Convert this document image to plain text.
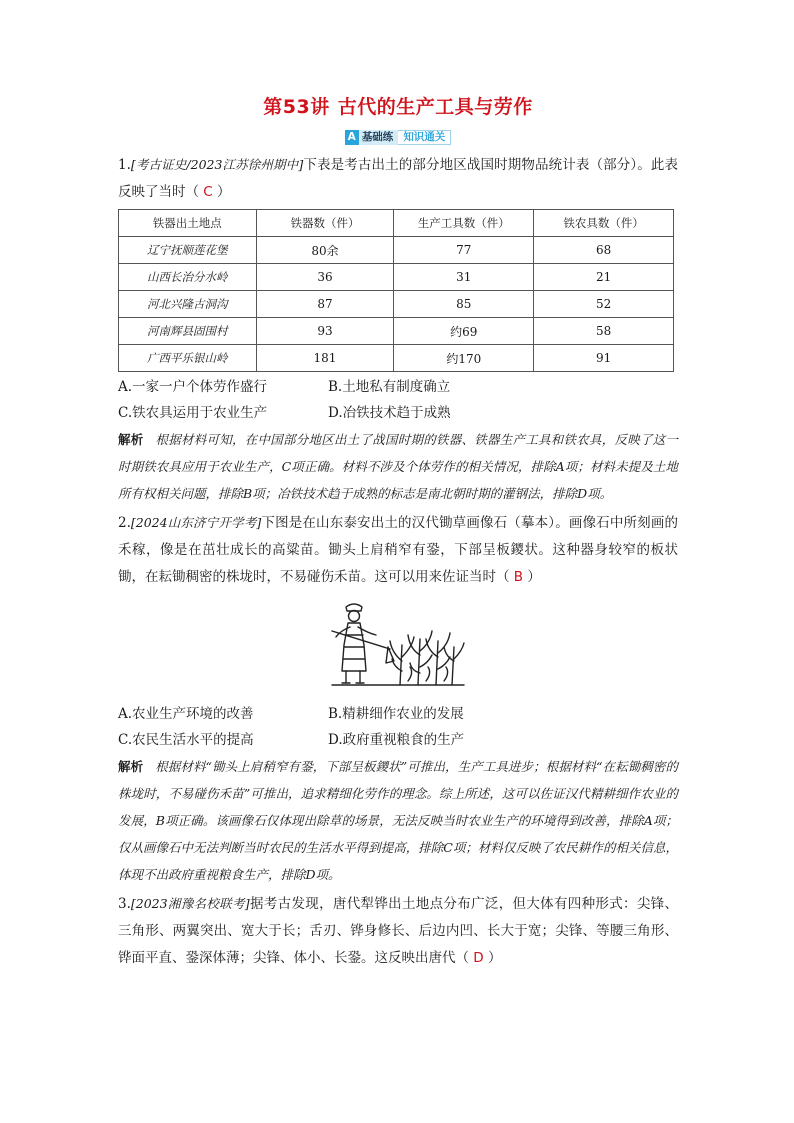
第53讲 古代的生产工具与劳作
A 基础练 知识通关

1.[考古证史/2023江苏徐州期中]下表是考古出土的部分地区战国时期物品统计表（部分）。此表反映了当时（ C ）

铁器出土地点	铁器数（件）	生产工具数（件）	铁农具数（件）
辽宁抚顺莲花堡	80余	77	68
山西长治分水岭	36	31	21
河北兴隆古洞沟	87	85	52
河南辉县固围村	93	约69	58
广西平乐银山岭	181	约170	91
A.一家一户个体劳作盛行	B.土地私有制度确立
C.铁农具运用于农业生产	D.冶铁技术趋于成熟

解析 根据材料可知，在中国部分地区出土了战国时期的铁器、铁器生产工具和铁农具，反映了这一时期铁农具应用于农业生产，C项正确。材料不涉及个体劳作的相关情况，排除A项；材料未提及土地所有权相关问题，排除B项；冶铁技术趋于成熟的标志是南北朝时期的灌钢法，排除D项。

2.[2024山东济宁开学考]下图是在山东泰安出土的汉代锄草画像石（摹本）。画像石中所刻画的禾稼，像是在茁壮成长的高粱苗。锄头上肩稍窄有銎，下部呈板鑁状。这种器身较窄的板状锄，在耘锄稠密的株垅时，不易碰伤禾苗。这可以用来佐证当时（ B ）

A.农业生产环境的改善	B.精耕细作农业的发展
C.农民生活水平的提高	D.政府重视粮食的生产

解析 根据材料“锄头上肩稍窄有銎，下部呈板鑁状”可推出，生产工具进步；根据材料“在耘锄稠密的株垅时，不易碰伤禾苗”可推出，追求精细化劳作的理念。综上所述，这可以佐证汉代精耕细作农业的发展，B项正确。该画像石仅体现出除草的场景，无法反映当时农业生产的环境得到改善，排除A项；仅从画像石中无法判断当时农民的生活水平得到提高，排除C项；材料仅反映了农民耕作的相关信息，体现不出政府重视粮食生产，排除D项。

3.[2023湘豫名校联考]据考古发现，唐代犁铧出土地点分布广泛，但大体有四种形式：尖锋、三角形、两翼突出、宽大于长；舌刃、铧身修长、后边内凹、长大于宽；尖锋、等腰三角形、铧面平直、銎深体薄；尖锋、体小、长銎。这反映出唐代（ D ）
